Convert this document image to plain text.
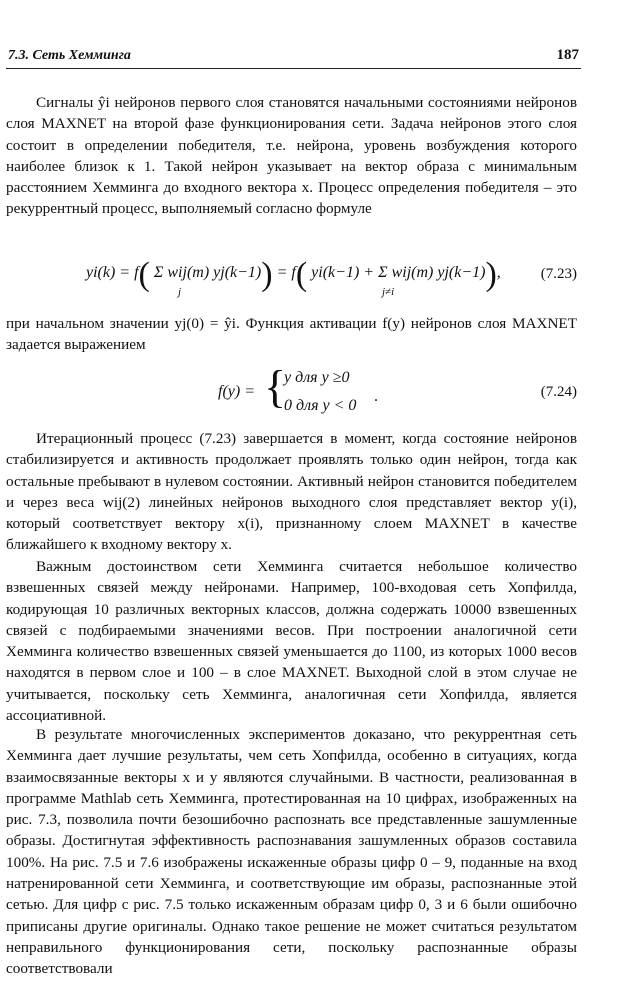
7.3. Сеть Хемминга	187

Сигналы ŷi нейронов первого слоя становятся начальными состояниями нейронов слоя MAXNET на второй фазе функционирования сети. Задача нейронов этого слоя состоит в определении победителя, т.е. нейрона, уровень возбуждения которого наиболее близок к 1. Такой нейрон указывает на вектор образа с минимальным расстоянием Хемминга до входного вектора x. Процесс определения победителя – это рекуррентный процесс, выполняемый согласно формуле

yi(k) = f( Σ wij(m) yj(k−1)) = f( yi(k−1) + Σ wij(m) yj(k−1)),
j	j≠i
(7.23)

при начальном значении yj(0) = ŷi. Функция активации f(y) нейронов слоя MAXNET задается выражением

f(y) = {
y для y ≥0
0 для y < 0
.	(7.24)

Итерационный процесс (7.23) завершается в момент, когда состояние нейронов стабилизируется и активность продолжает проявлять только один нейрон, тогда как остальные пребывают в нулевом состоянии. Активный нейрон становится победителем и через веса wij(2) линейных нейронов выходного слоя представляет вектор y(i), который соответствует вектору x(i), признанному слоем MAXNET в качестве ближайшего к входному вектору x.

Важным достоинством сети Хемминга считается небольшое количество взвешенных связей между нейронами. Например, 100-входовая сеть Хопфилда, кодирующая 10 различных векторных классов, должна содержать 10000 взвешенных связей с подбираемыми значениями весов. При построении аналогичной сети Хемминга количество взвешенных связей уменьшается до 1100, из которых 1000 весов находятся в первом слое и 100 – в слое MAXNET. Выходной слой в этом случае не учитывается, поскольку сеть Хемминга, аналогичная сети Хопфилда, является ассоциативной.

В результате многочисленных экспериментов доказано, что рекуррентная сеть Хемминга дает лучшие результаты, чем сеть Хопфилда, особенно в ситуациях, когда взаимосвязанные векторы x и y являются случайными. В частности, реализованная в программе Mathlab сеть Хемминга, протестированная на 10 цифрах, изображенных на рис. 7.3, позволила почти безошибочно распознать все представленные зашумленные образы. Достигнутая эффективность распознавания зашумленных образов составила 100%. На рис. 7.5 и 7.6 изображены искаженные образы цифр 0 – 9, поданные на вход натренированной сети Хемминга, и соответствующие им образы, распознанные этой сетью. Для цифр с рис. 7.5 только искаженным образам цифр 0, 3 и 6 были ошибочно приписаны другие оригиналы. Однако такое решение не может считаться результатом неправильного функционирования сети, поскольку распознанные образы соответствовали
